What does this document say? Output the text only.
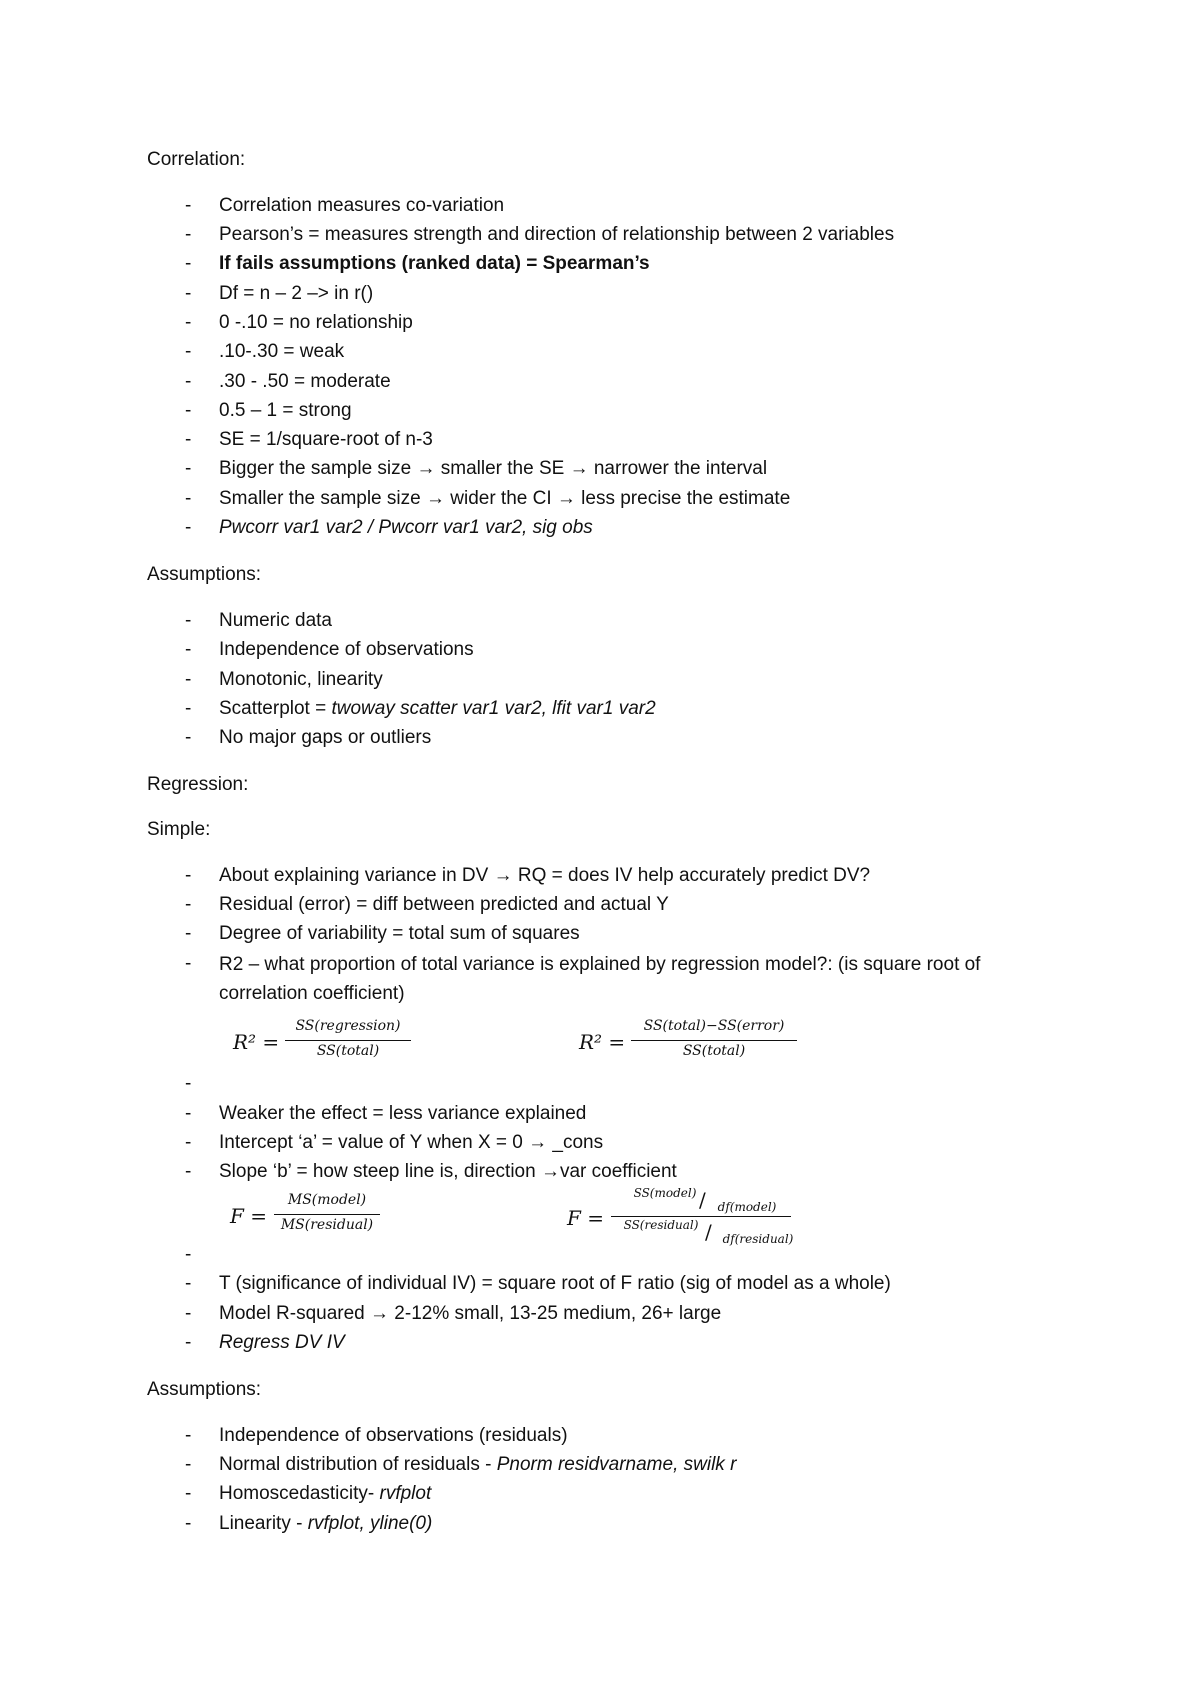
Correlation:
-	Correlation measures co-variation
-	Pearson’s = measures strength and direction of relationship between 2 variables
-	If fails assumptions (ranked data) = Spearman’s
-	Df = n – 2 –> in r()
-	0 -.10 = no relationship
-	.10-.30 = weak
-	.30 - .50 = moderate
-	0.5 – 1 = strong
-	SE = 1/square-root of n-3
-	Bigger the sample size → smaller the SE → narrower the interval
-	Smaller the sample size → wider the CI → less precise the estimate
-	Pwcorr var1 var2 / Pwcorr var1 var2, sig obs
Assumptions:
-	Numeric data
-	Independence of observations
-	Monotonic, linearity
-	Scatterplot = twoway scatter var1 var2, lfit var1 var2
-	No major gaps or outliers
Regression:
Simple:
-	About explaining variance in DV → RQ = does IV help accurately predict DV?
-	Residual (error) = diff between predicted and actual Y
-	Degree of variability = total sum of squares
-	R2 – what proportion of total variance is explained by regression model?: (is square root of correlation coefficient)
R² =
SS(regression)
SS(total)	R² =
SS(total)−SS(error)
SS(total)
-
-	Weaker the effect = less variance explained
-	Intercept ‘a’ = value of Y when X = 0 → _cons
-	Slope ‘b’ = how steep line is, direction →var coefficient
F =
MS(model)
MS(residual)	F =
SS(model) / df(model)
SS(residual) / df(residual)
-
-	T (significance of individual IV) = square root of F ratio (sig of model as a whole)
-	Model R-squared → 2-12% small, 13-25 medium, 26+ large
-	Regress DV IV
Assumptions:
-	Independence of observations (residuals)
-	Normal distribution of residuals - Pnorm residvarname, swilk r
-	Homoscedasticity- rvfplot
-	Linearity - rvfplot, yline(0)
